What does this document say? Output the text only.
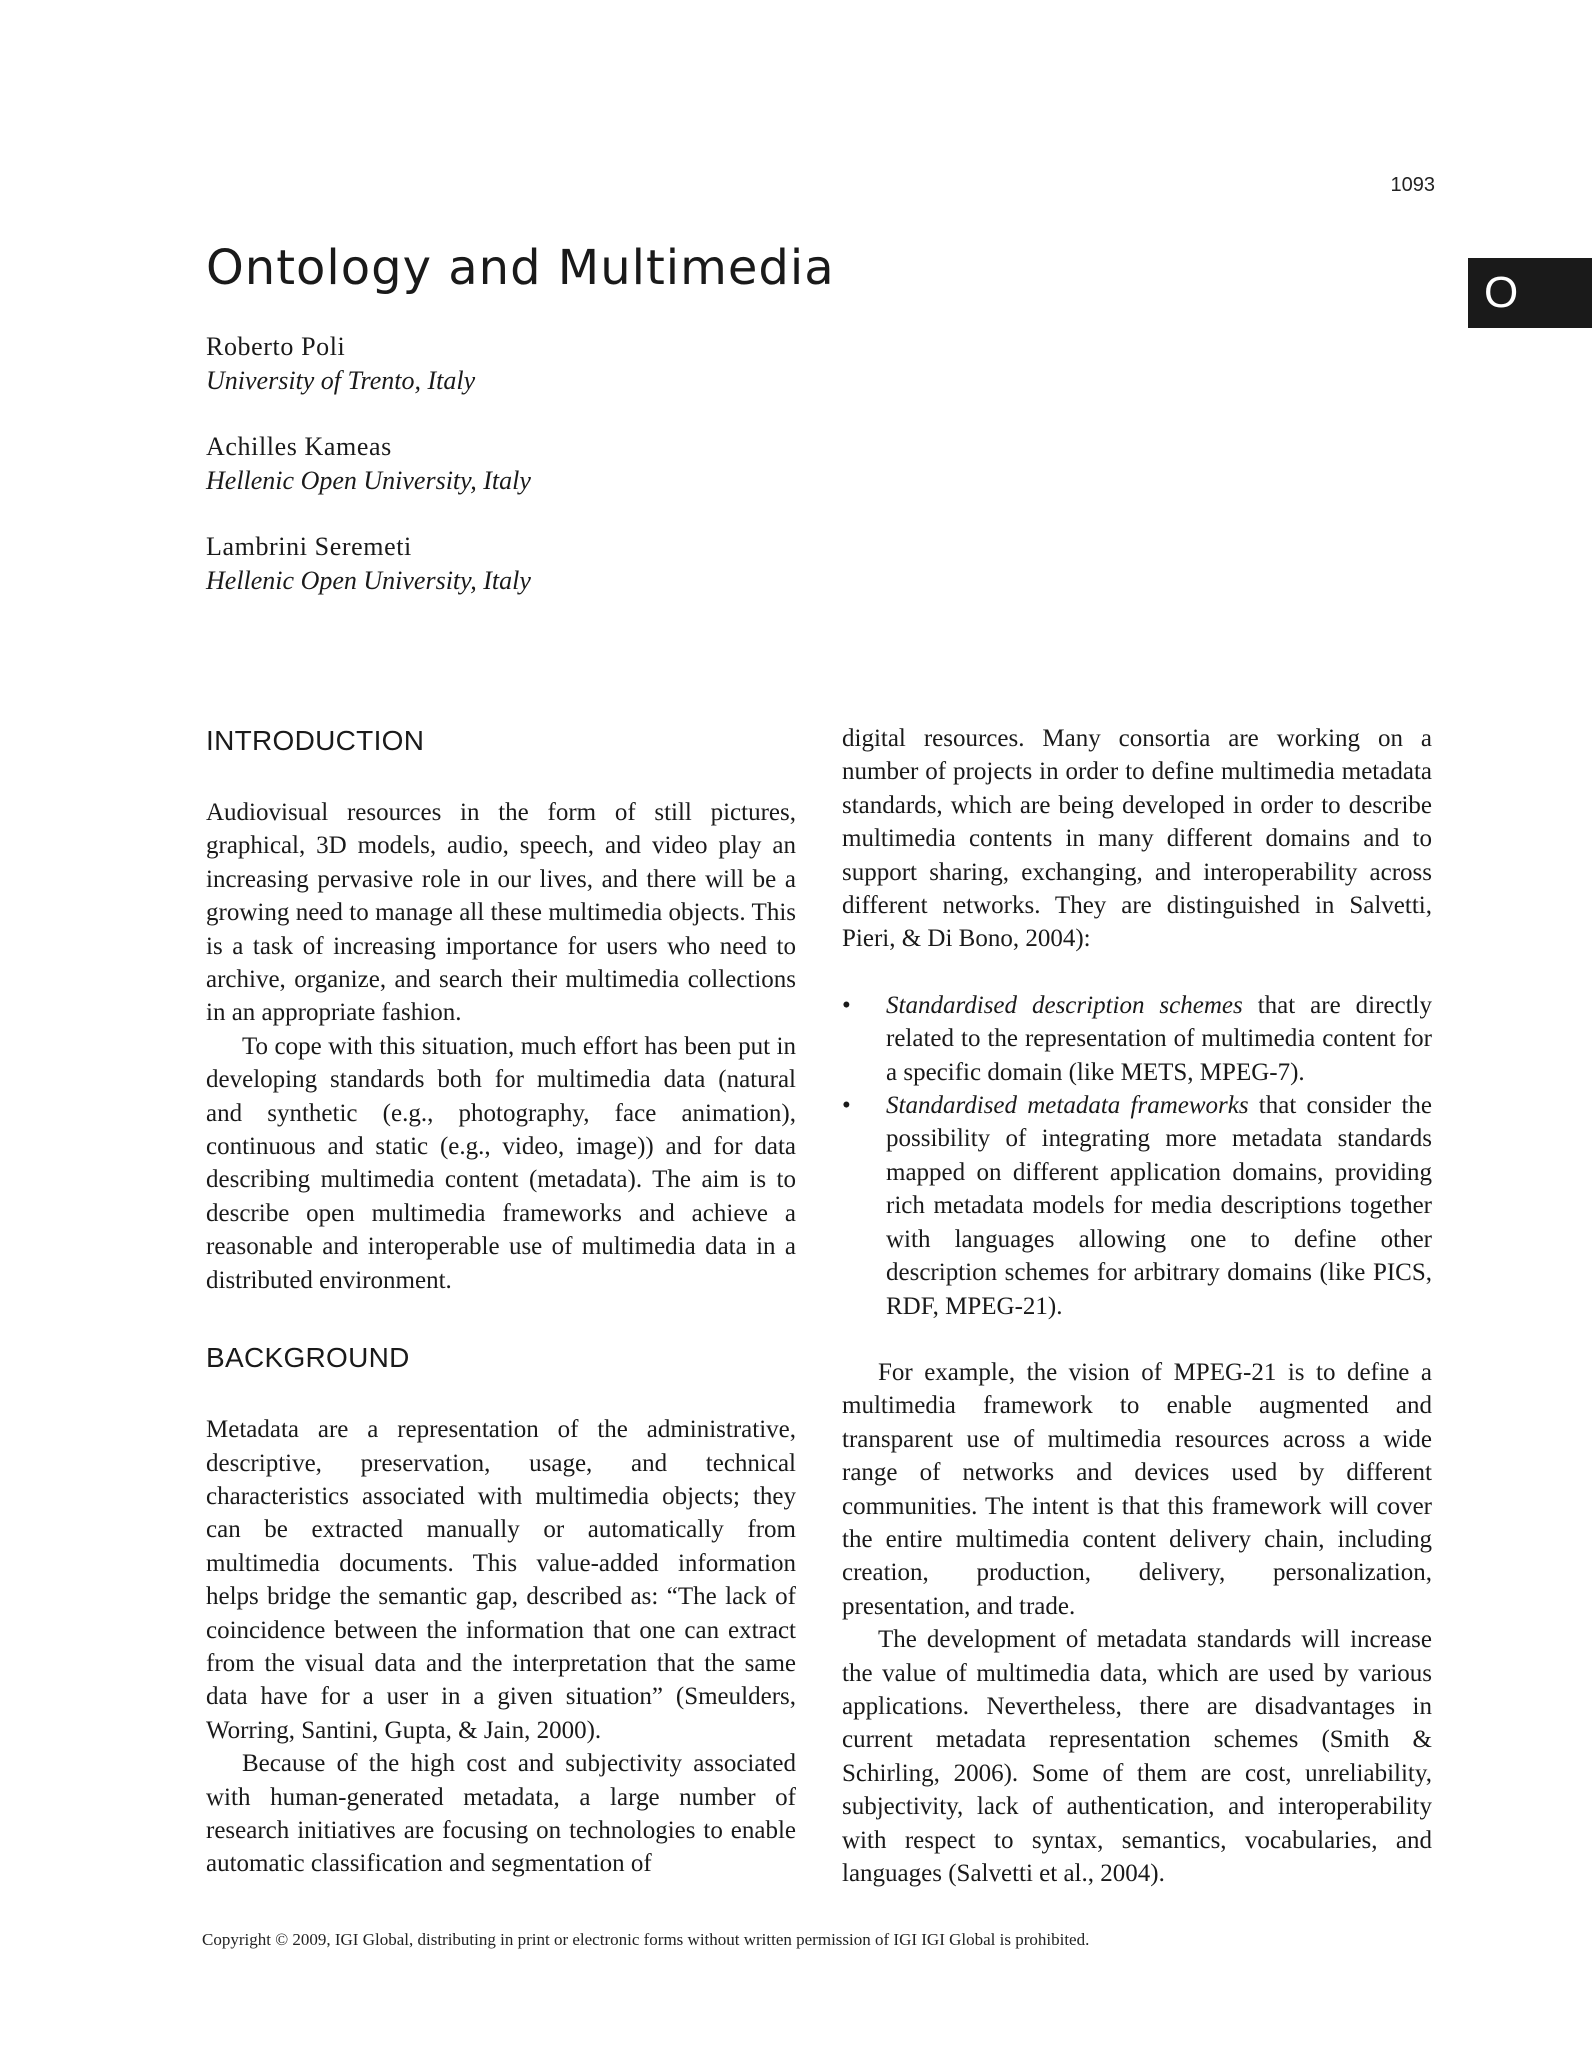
1093
O
Ontology and Multimedia
Roberto Poli
University of Trento, Italy
Achilles Kameas
Hellenic Open University, Italy
Lambrini Seremeti
Hellenic Open University, Italy
INTRODUCTION

Audiovisual resources in the form of still pictures, graphical, 3D models, audio, speech, and video play an increasing pervasive role in our lives, and there will be a growing need to manage all these multimedia objects. This is a task of increasing importance for users who need to archive, organize, and search their multimedia collections in an appropriate fashion.

To cope with this situation, much effort has been put in developing standards both for multimedia data (natural and synthetic (e.g., photography, face animation), continuous and static (e.g., video, image)) and for data describing multimedia content (metadata). The aim is to describe open multimedia frameworks and achieve a reasonable and interoperable use of multimedia data in a distributed environment.

BACKGROUND

Metadata are a representation of the administrative, descriptive, preservation, usage, and technical characteristics associated with multimedia objects; they can be extracted manually or automatically from multimedia documents. This value-added information helps bridge the semantic gap, described as: “The lack of coincidence between the information that one can extract from the visual data and the interpretation that the same data have for a user in a given situation” (Smeulders, Worring, Santini, Gupta, & Jain, 2000).

Because of the high cost and subjectivity associated with human-generated metadata, a large number of research initiatives are focusing on technologies to enable automatic classification and segmentation of

digital resources. Many consortia are working on a number of projects in order to define multimedia metadata standards, which are being developed in order to describe multimedia contents in many different domains and to support sharing, exchanging, and interoperability across different networks. They are distinguished in Salvetti, Pieri, & Di Bono, 2004):

• Standardised description schemes that are directly related to the representation of multimedia content for a specific domain (like METS, MPEG-7).
• Standardised metadata frameworks that consider the possibility of integrating more metadata standards mapped on different application domains, providing rich metadata models for media descriptions together with languages allowing one to define other description schemes for arbitrary domains (like PICS, RDF, MPEG-21).

For example, the vision of MPEG-21 is to define a multimedia framework to enable augmented and transparent use of multimedia resources across a wide range of networks and devices used by different communities. The intent is that this framework will cover the entire multimedia content delivery chain, including creation, production, delivery, personalization, presentation, and trade.

The development of metadata standards will increase the value of multimedia data, which are used by various applications. Nevertheless, there are disadvantages in current metadata representation schemes (Smith & Schirling, 2006). Some of them are cost, unreliability, subjectivity, lack of authentication, and interoperability with respect to syntax, semantics, vocabularies, and languages (Salvetti et al., 2004).

Copyright © 2009, IGI Global, distributing in print or electronic forms without written permission of IGI IGI Global is prohibited.
